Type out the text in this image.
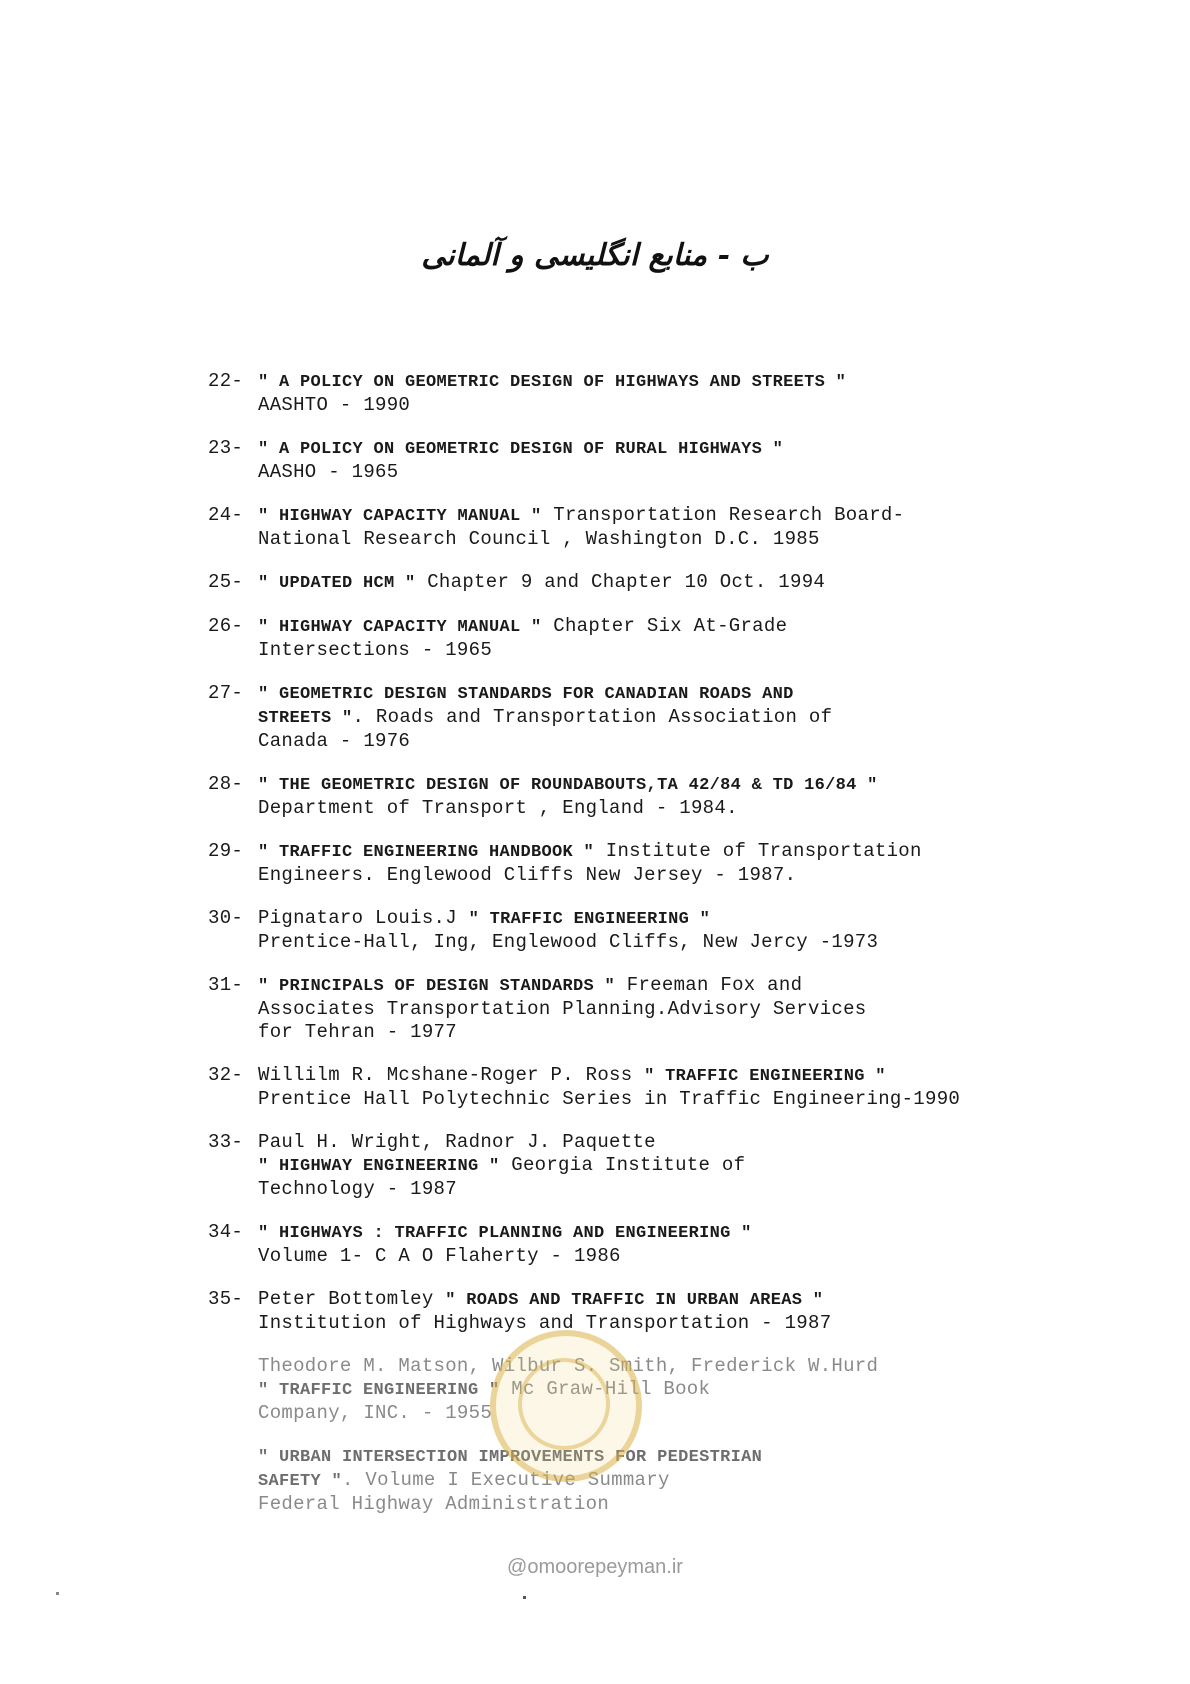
ب - منابع انگلیسی و آلمانی
22- " A POLICY ON GEOMETRIC DESIGN OF HIGHWAYS AND STREETS "
AASHTO - 1990
23- " A POLICY ON GEOMETRIC DESIGN OF RURAL HIGHWAYS "
AASHO - 1965
24- " HIGHWAY CAPACITY MANUAL " Transportation Research Board-
National Research Council , Washington D.C. 1985
25- " UPDATED HCM " Chapter 9 and Chapter 10 Oct. 1994
26- " HIGHWAY CAPACITY MANUAL " Chapter Six At-Grade
Intersections - 1965
27- " GEOMETRIC DESIGN STANDARDS FOR CANADIAN ROADS AND
STREETS ". Roads and Transportation Association of
Canada - 1976
28- " THE GEOMETRIC DESIGN OF ROUNDABOUTS,TA 42/84 & TD 16/84 "
Department of Transport , England - 1984.
29- " TRAFFIC ENGINEERING HANDBOOK " Institute of Transportation
Engineers. Englewood Cliffs New Jersey - 1987.
30- Pignataro Louis.J " TRAFFIC ENGINEERING "
Prentice-Hall, Ing, Englewood Cliffs, New Jercy -1973
31- " PRINCIPALS OF DESIGN STANDARDS " Freeman Fox and
Associates Transportation Planning.Advisory Services
for Tehran - 1977
32- Willilm R. Mcshane-Roger P. Ross " TRAFFIC ENGINEERING "
Prentice Hall Polytechnic Series in Traffic Engineering-1990
33- Paul H. Wright, Radnor J. Paquette
" HIGHWAY ENGINEERING " Georgia Institute of
Technology - 1987
34- " HIGHWAYS : TRAFFIC PLANNING AND ENGINEERING "
Volume 1- C A O Flaherty - 1986
35- Peter Bottomley " ROADS AND TRAFFIC IN URBAN AREAS "
Institution of Highways and Transportation - 1987
Theodore M. Matson, Wilbur S. Smith, Frederick W.Hurd
" TRAFFIC ENGINEERING " Mc Graw-Hill Book
Company, INC. - 1955
" URBAN INTERSECTION IMPROVEMENTS FOR PEDESTRIAN
SAFETY ". Volume I Executive Summary
Federal Highway Administration
@omoorepeyman.ir
